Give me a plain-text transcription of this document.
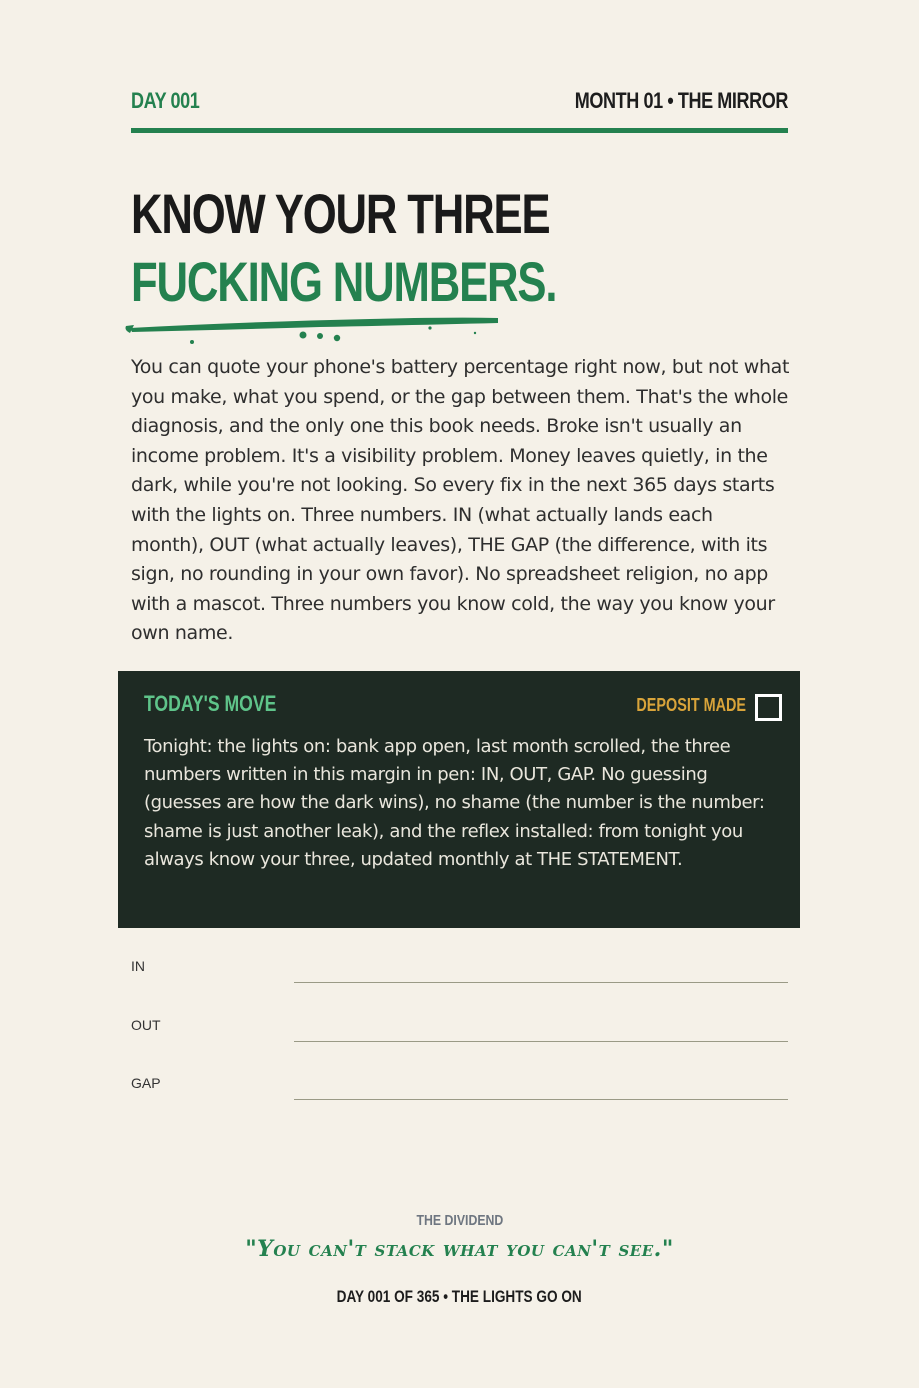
DAY 001	MONTH 01 • THE MIRROR
KNOW YOUR THREE
FUCKING NUMBERS.
You can quote your phone's battery percentage right now, but not what you make, what you spend, or the gap between them. That's the whole diagnosis, and the only one this book needs. Broke isn't usually an income problem. It's a visibility problem. Money leaves quietly, in the dark, while you're not looking. So every fix in the next 365 days starts with the lights on. Three numbers. IN (what actually lands each month), OUT (what actually leaves), THE GAP (the difference, with its sign, no rounding in your own favor). No spreadsheet religion, no app with a mascot. Three numbers you know cold, the way you know your own name.
TODAY'S MOVE	DEPOSIT MADE
Tonight: the lights on: bank app open, last month scrolled, the three numbers written in this margin in pen: IN, OUT, GAP. No guessing (guesses are how the dark wins), no shame (the number is the number: shame is just another leak), and the reflex installed: from tonight you always know your three, updated monthly at THE STATEMENT.
IN
OUT
GAP
THE DIVIDEND
"You can't stack what you can't see."
DAY 001 OF 365 • THE LIGHTS GO ON
